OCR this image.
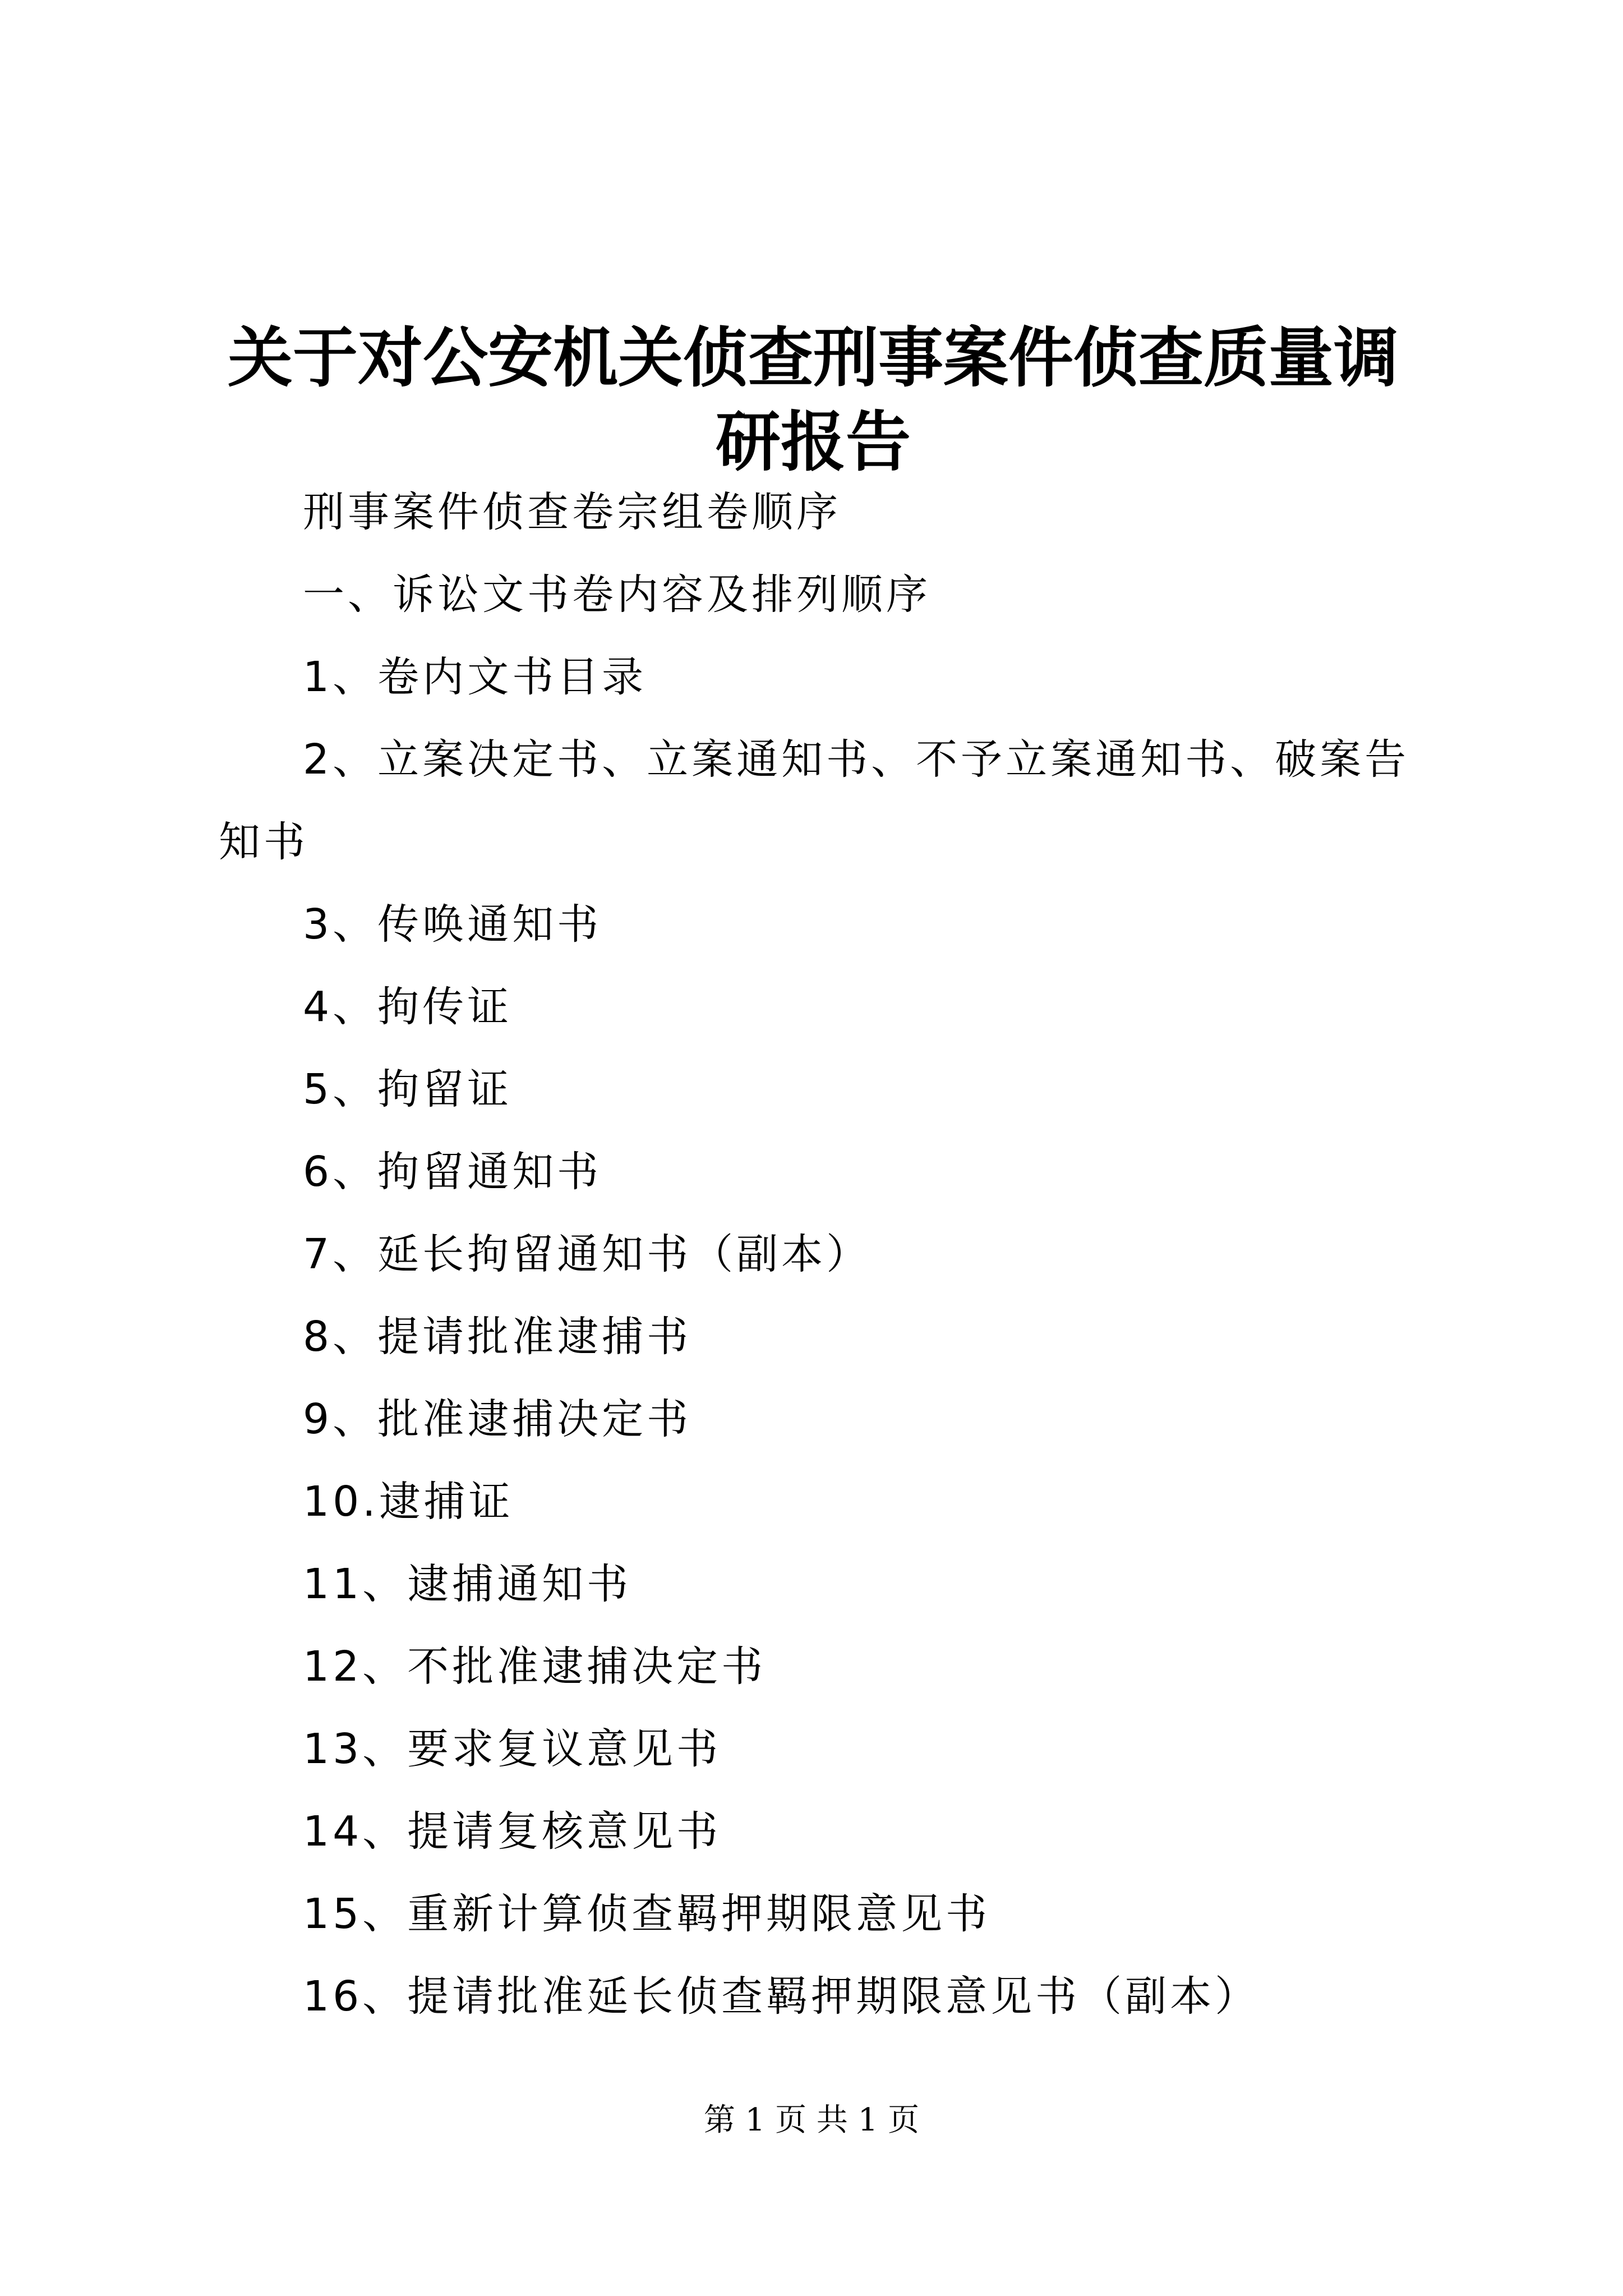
关于对公安机关侦查刑事案件侦查质量调研报告

刑事案件侦查卷宗组卷顺序

一、诉讼文书卷内容及排列顺序

1、卷内文书目录

2、立案决定书、立案通知书、不予立案通知书、破案告知书

3、传唤通知书

4、拘传证

5、拘留证

6、拘留通知书

7、延长拘留通知书（副本）

8、提请批准逮捕书

9、批准逮捕决定书

10.逮捕证

11、逮捕通知书

12、不批准逮捕决定书

13、要求复议意见书

14、提请复核意见书

15、重新计算侦查羁押期限意见书

16、提请批准延长侦查羁押期限意见书（副本）

第 1 页 共 1 页
